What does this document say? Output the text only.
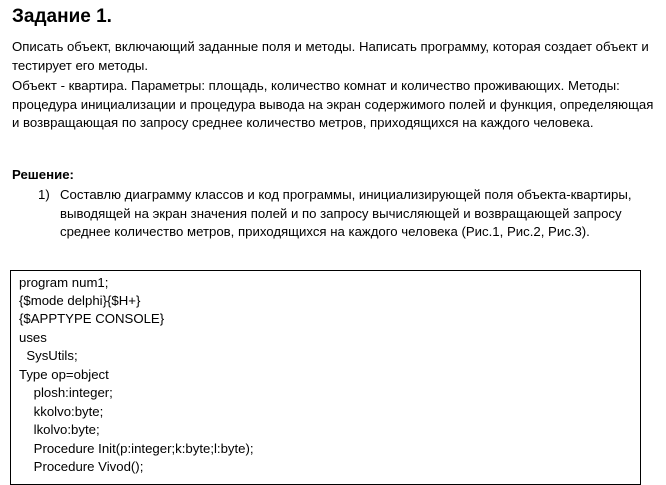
Задание 1.

Описать объект, включающий заданные поля и методы. Написать программу, которая создает объект и тестирует его методы.

Объект - квартира. Параметры: площадь, количество комнат и количество проживающих. Методы: процедура инициализации и процедура вывода на экран содержимого полей и функция, определяющая и возвращающая по запросу среднее количество метров, приходящихся на каждого человека.

Решение:

1) Составлю диаграмму классов и код программы, инициализирующей поля объекта-квартиры, выводящей на экран значения полей и по запросу вычисляющей и возвращающей запросу среднее количество метров, приходящихся на каждого человека (Рис.1, Рис.2, Рис.3).
program num1;
{$mode delphi}{$H+}
{$APPTYPE CONSOLE}
uses
SysUtils;
Type op=object
plosh:integer;
kkolvo:byte;
lkolvo:byte;
Procedure Init(p:integer;k:byte;l:byte);
Procedure Vivod();
